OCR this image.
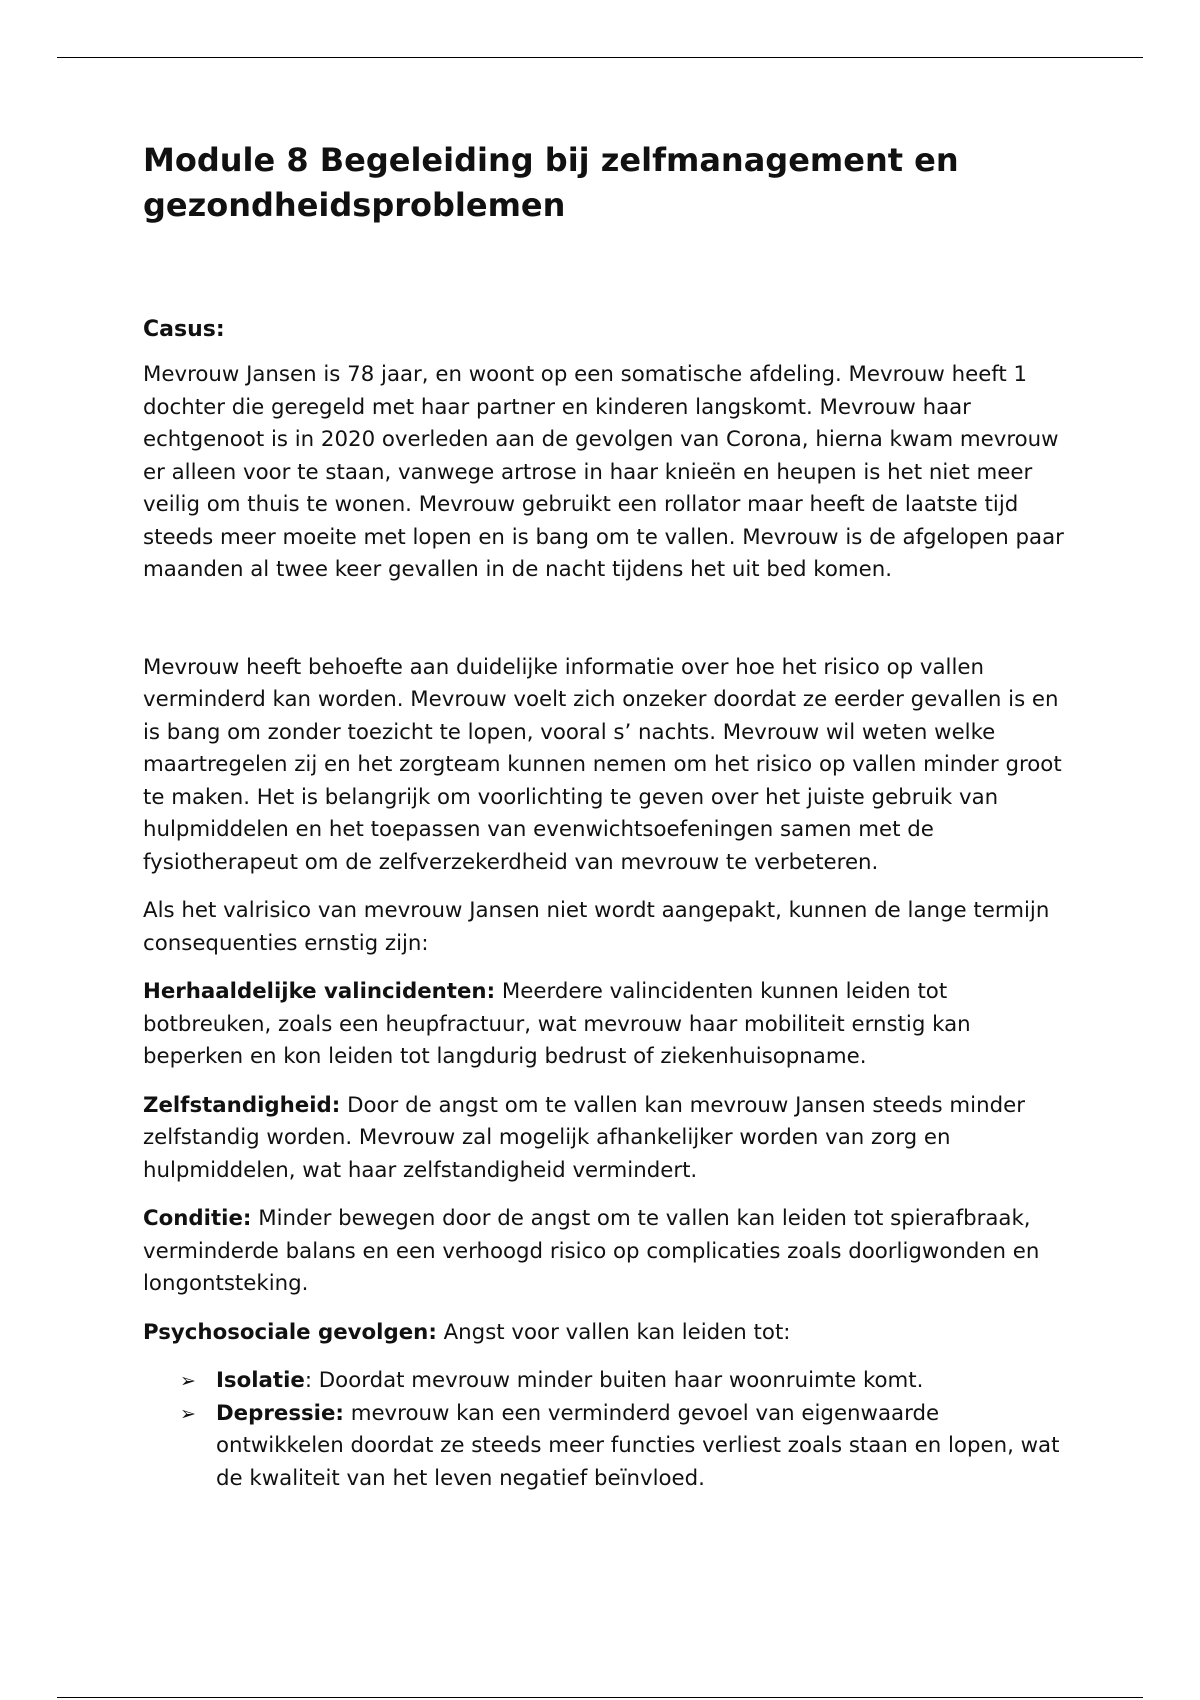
Module 8 Begeleiding bij zelfmanagement en gezondheidsproblemen

Casus:

Mevrouw Jansen is 78 jaar, en woont op een somatische afdeling. Mevrouw heeft 1 dochter die geregeld met haar partner en kinderen langskomt. Mevrouw haar echtgenoot is in 2020 overleden aan de gevolgen van Corona, hierna kwam mevrouw er alleen voor te staan, vanwege artrose in haar knieën en heupen is het niet meer veilig om thuis te wonen. Mevrouw gebruikt een rollator maar heeft de laatste tijd steeds meer moeite met lopen en is bang om te vallen. Mevrouw is de afgelopen paar maanden al twee keer gevallen in de nacht tijdens het uit bed komen.

Mevrouw heeft behoefte aan duidelijke informatie over hoe het risico op vallen verminderd kan worden. Mevrouw voelt zich onzeker doordat ze eerder gevallen is en is bang om zonder toezicht te lopen, vooral s’ nachts. Mevrouw wil weten welke maartregelen zij en het zorgteam kunnen nemen om het risico op vallen minder groot te maken. Het is belangrijk om voorlichting te geven over het juiste gebruik van hulpmiddelen en het toepassen van evenwichtsoefeningen samen met de fysiotherapeut om de zelfverzekerdheid van mevrouw te verbeteren.

Als het valrisico van mevrouw Jansen niet wordt aangepakt, kunnen de lange termijn consequenties ernstig zijn:

Herhaaldelijke valincidenten: Meerdere valincidenten kunnen leiden tot botbreuken, zoals een heupfractuur, wat mevrouw haar mobiliteit ernstig kan beperken en kon leiden tot langdurig bedrust of ziekenhuisopname.

Zelfstandigheid: Door de angst om te vallen kan mevrouw Jansen steeds minder zelfstandig worden. Mevrouw zal mogelijk afhankelijker worden van zorg en hulpmiddelen, wat haar zelfstandigheid vermindert.

Conditie: Minder bewegen door de angst om te vallen kan leiden tot spierafbraak, verminderde balans en een verhoogd risico op complicaties zoals doorligwonden en longontsteking.

Psychosociale gevolgen: Angst voor vallen kan leiden tot:

➢ Isolatie: Doordat mevrouw minder buiten haar woonruimte komt.
➢ Depressie: mevrouw kan een verminderd gevoel van eigenwaarde ontwikkelen doordat ze steeds meer functies verliest zoals staan en lopen, wat de kwaliteit van het leven negatief beïnvloed.
